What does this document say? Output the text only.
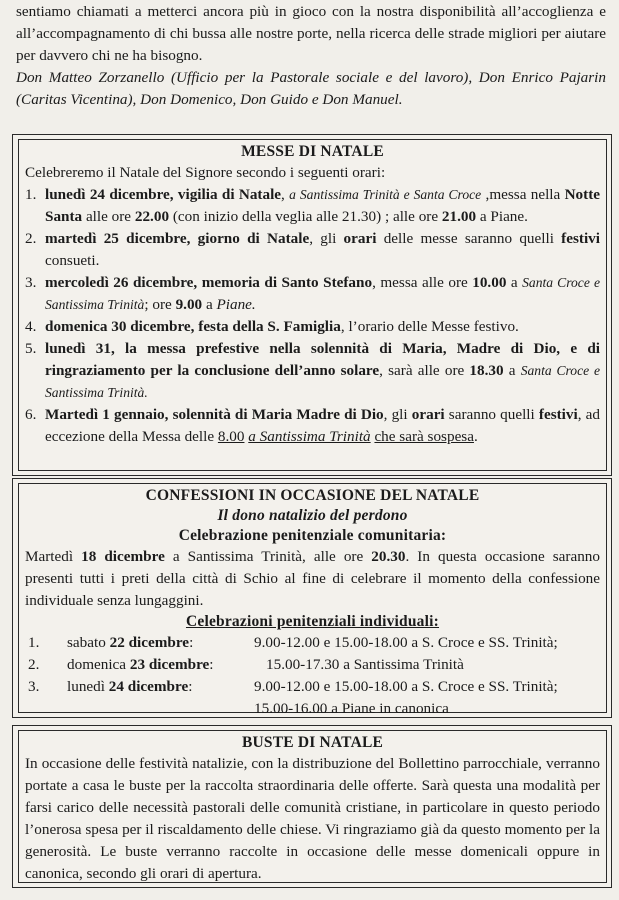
sentiamo chiamati a metterci ancora più in gioco con la nostra disponibilità all’accoglienza e all’accompagnamento di chi bussa alle nostre porte, nella ricerca delle strade migliori per aiutare per davvero chi ne ha bisogno.
Don Matteo Zorzanello (Ufficio per la Pastorale sociale e del lavoro), Don Enrico Pajarin (Caritas Vicentina), Don Domenico, Don Guido e Don Manuel.
MESSE DI NATALE

Celebreremo il Natale del Signore secondo i seguenti orari:

1. lunedì 24 dicembre, vigilia di Natale, a Santissima Trinità e Santa Croce ,messa nella Notte Santa alle ore 22.00 (con inizio della veglia alle 21.30) ; alle ore 21.00 a Piane.
2. martedì 25 dicembre, giorno di Natale, gli orari delle messe saranno quelli festivi consueti.
3. mercoledì 26 dicembre, memoria di Santo Stefano, messa alle ore 10.00 a Santa Croce e Santissima Trinità; ore 9.00 a Piane.
4. domenica 30 dicembre, festa della S. Famiglia, l’orario delle Messe festivo.
5. lunedì 31, la messa prefestive nella solennità di Maria, Madre di Dio, e di ringraziamento per la conclusione dell’anno solare, sarà alle ore 18.30 a Santa Croce e Santissima Trinità.
6. Martedì 1 gennaio, solennità di Maria Madre di Dio, gli orari saranno quelli festivi, ad eccezione della Messa delle 8.00 a Santissima Trinità che sarà sospesa.
CONFESSIONI IN OCCASIONE DEL NATALE
Il dono natalizio del perdono
Celebrazione penitenziale comunitaria:

Martedì 18 dicembre a Santissima Trinità, alle ore 20.30. In questa occasione saranno presenti tutti i preti della città di Schio al fine di celebrare il momento della confessione individuale senza lungaggini.

Celebrazioni penitenziali individuali:
1. sabato 22 dicembre:	9.00-12.00 e 15.00-18.00 a S. Croce e SS. Trinità;
2. domenica 23 dicembre:	15.00-17.30 a Santissima Trinità
3. lunedì 24 dicembre:	9.00-12.00 e 15.00-18.00 a S. Croce e SS. Trinità;
15.00-16.00 a Piane in canonica
BUSTE DI NATALE

In occasione delle festività natalizie, con la distribuzione del Bollettino parrocchiale, verranno portate a casa le buste per la raccolta straordinaria delle offerte. Sarà questa una modalità per farsi carico delle necessità pastorali delle comunità cristiane, in particolare in questo periodo l’onerosa spesa per il riscaldamento delle chiese. Vi ringraziamo già da questo momento per la generosità. Le buste verranno raccolte in occasione delle messe domenicali oppure in canonica, secondo gli orari di apertura.
